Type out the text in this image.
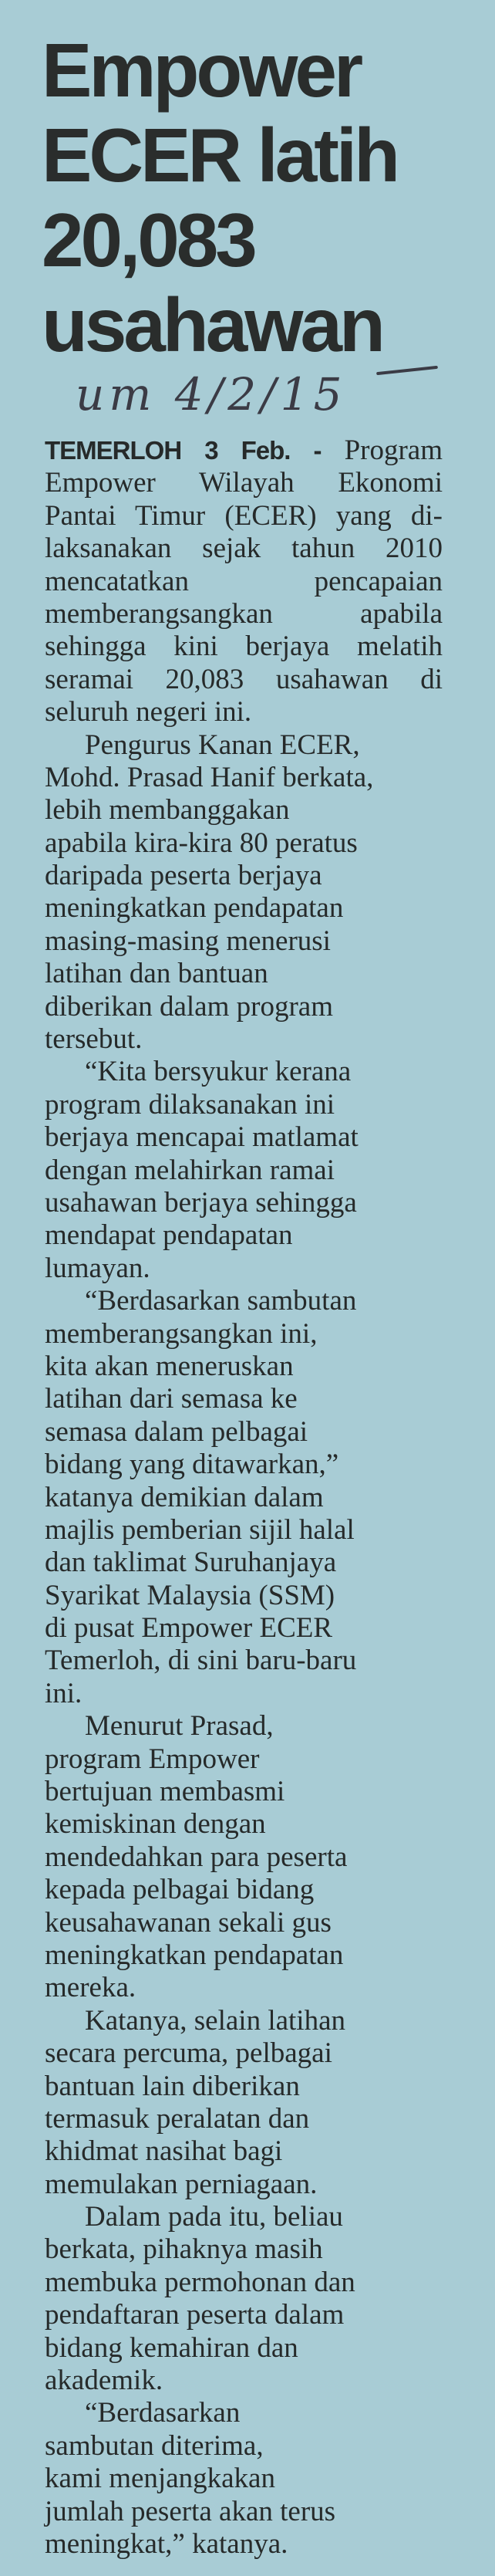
Empower
ECER latih
20,083
usahawan
um 4/2/15
TEMERLOH 3 Feb. - Program
Empower Wilayah Ekonomi
Pantai Timur (ECER) yang di-
laksanakan sejak tahun 2010
mencatatkan pencapaian
memberangsangkan apabila
sehingga kini berjaya melatih
seramai 20,083 usahawan di
seluruh negeri ini.
Pengurus Kanan ECER,
Mohd. Prasad Hanif berkata,
lebih membanggakan
apabila kira-kira 80 peratus
daripada peserta berjaya
meningkatkan pendapatan
masing-masing menerusi
latihan dan bantuan
diberikan dalam program
tersebut.
“Kita bersyukur kerana
program dilaksanakan ini
berjaya mencapai matlamat
dengan melahirkan ramai
usahawan berjaya sehingga
mendapat pendapatan
lumayan.
“Berdasarkan sambutan
memberangsangkan ini,
kita akan meneruskan
latihan dari semasa ke
semasa dalam pelbagai
bidang yang ditawarkan,”
katanya demikian dalam
majlis pemberian sijil halal
dan taklimat Suruhanjaya
Syarikat Malaysia (SSM)
di pusat Empower ECER
Temerloh, di sini baru-baru
ini.
Menurut Prasad,
program Empower
bertujuan membasmi
kemiskinan dengan
mendedahkan para peserta
kepada pelbagai bidang
keusahawanan sekali gus
meningkatkan pendapatan
mereka.
Katanya, selain latihan
secara percuma, pelbagai
bantuan lain diberikan
termasuk peralatan dan
khidmat nasihat bagi
memulakan perniagaan.
Dalam pada itu, beliau
berkata, pihaknya masih
membuka permohonan dan
pendaftaran peserta dalam
bidang kemahiran dan
akademik.
“Berdasarkan
sambutan diterima,
kami menjangkakan
jumlah peserta akan terus
meningkat,” katanya.
